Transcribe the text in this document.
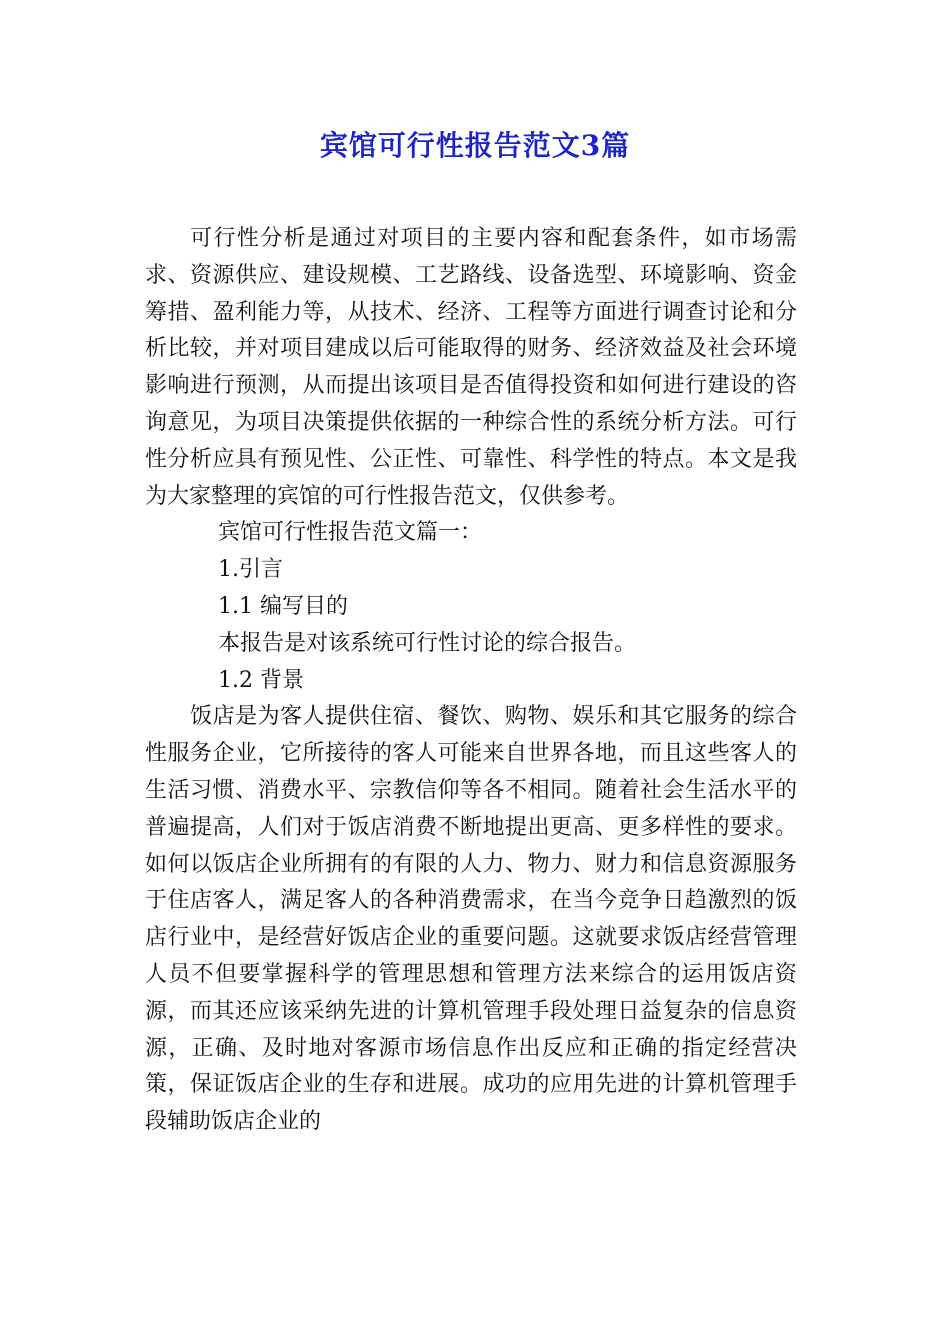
宾馆可行性报告范文3篇

可行性分析是通过对项目的主要内容和配套条件，如市场需求、资源供应、建设规模、工艺路线、设备选型、环境影响、资金筹措、盈利能力等，从技术、经济、工程等方面进行调查讨论和分析比较，并对项目建成以后可能取得的财务、经济效益及社会环境影响进行预测，从而提出该项目是否值得投资和如何进行建设的咨询意见，为项目决策提供依据的一种综合性的系统分析方法。可行性分析应具有预见性、公正性、可靠性、科学性的特点。本文是我为大家整理的宾馆的可行性报告范文，仅供参考。

宾馆可行性报告范文篇一：

1.引言

1.1 编写目的

本报告是对该系统可行性讨论的综合报告。

1.2 背景

饭店是为客人提供住宿、餐饮、购物、娱乐和其它服务的综合性服务企业，它所接待的客人可能来自世界各地，而且这些客人的生活习惯、消费水平、宗教信仰等各不相同。随着社会生活水平的普遍提高，人们对于饭店消费不断地提出更高、更多样性的要求。如何以饭店企业所拥有的有限的人力、物力、财力和信息资源服务于住店客人，满足客人的各种消费需求，在当今竞争日趋激烈的饭店行业中，是经营好饭店企业的重要问题。这就要求饭店经营管理人员不但要掌握科学的管理思想和管理方法来综合的运用饭店资源，而其还应该采纳先进的计算机管理手段处理日益复杂的信息资源，正确、及时地对客源市场信息作出反应和正确的指定经营决策，保证饭店企业的生存和进展。成功的应用先进的计算机管理手段辅助饭店企业的
